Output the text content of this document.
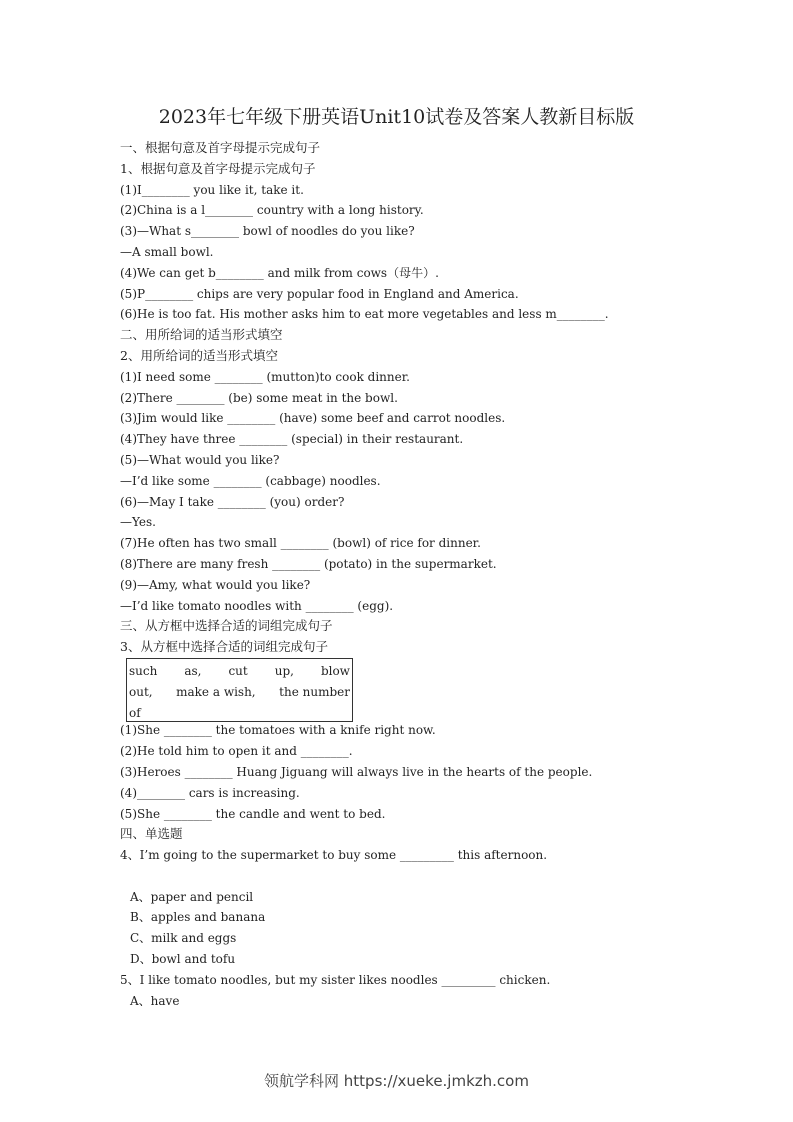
2023年七年级下册英语Unit10试卷及答案人教新目标版
一、根据句意及首字母提示完成句子
1、根据句意及首字母提示完成句子
(1)I________ you like it, take it.
(2)China is a l________ country with a long history.
(3)—What s________ bowl of noodles do you like?
—A small bowl.
(4)We can get b________ and milk from cows（母牛）.
(5)P________ chips are very popular food in England and America.
(6)He is too fat. His mother asks him to eat more vegetables and less m________.
二、用所给词的适当形式填空
2、用所给词的适当形式填空
(1)I need some ________ (mutton)to cook dinner.
(2)There ________ (be) some meat in the bowl.
(3)Jim would like ________ (have) some beef and carrot noodles.
(4)They have three ________ (special) in their restaurant.
(5)—What would you like?
—I’d like some ________ (cabbage) noodles.
(6)—May I take ________ (you) order?
—Yes.
(7)He often has two small ________ (bowl) of rice for dinner.
(8)There are many fresh ________ (potato) in the supermarket.
(9)—Amy, what would you like?
—I’d like tomato noodles with ________ (egg).
三、从方框中选择合适的词组完成句子
3、从方框中选择合适的词组完成句子
(1)She ________ the tomatoes with a knife right now.
(2)He told him to open it and ________.
(3)Heroes ________ Huang Jiguang will always live in the hearts of the people.
(4)________ cars is increasing.
(5)She ________ the candle and went to bed.
四、单选题
4、I’m going to the supermarket to buy some _________ this afternoon.
A、paper and pencil
B、apples and banana
C、milk and eggs
D、bowl and tofu
5、I like tomato noodles, but my sister likes noodles _________ chicken.
A、have
such as, cut up, blow
out, make a wish, the number
of
领航学科网 https://xueke.jmkzh.com
